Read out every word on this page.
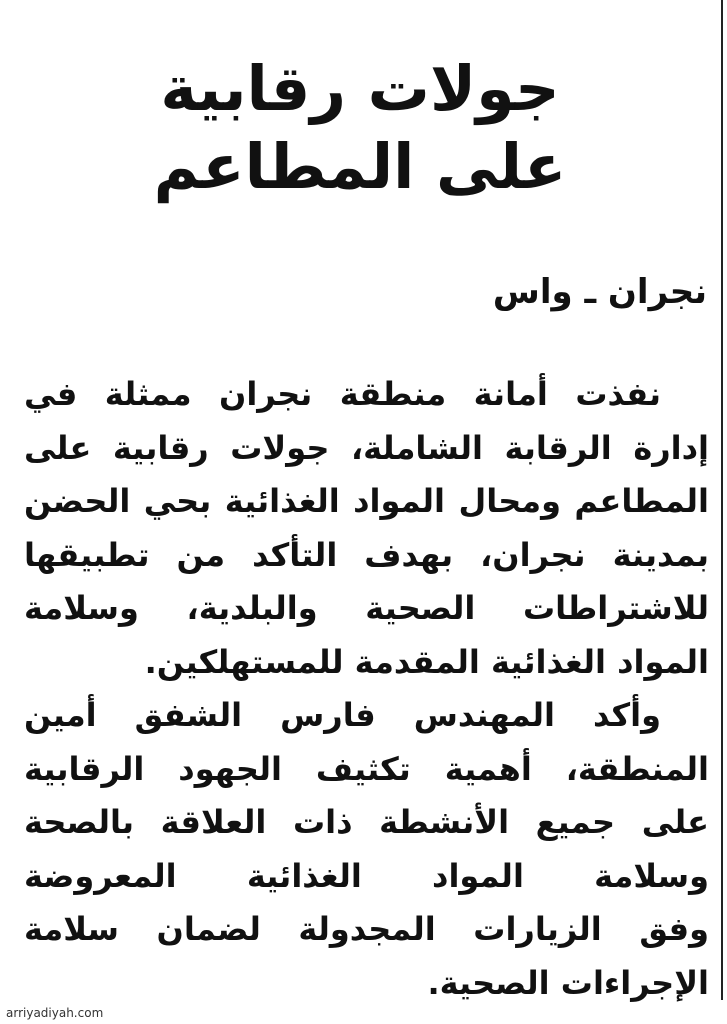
جولات رقابية
على المطاعم
نجران ـ واس
نفذت أمانة منطقة نجران ممثلة في
إدارة الرقابة الشاملة، جولات رقابية على
المطاعم ومحال المواد الغذائية بحي الحضن
بمدينة نجران، بهدف التأكد من تطبيقها
للاشتراطات الصحية والبلدية، وسلامة
المواد الغذائية المقدمة للمستهلكين.
وأكد المهندس فارس الشفق أمين
المنطقة، أهمية تكثيف الجهود الرقابية
على جميع الأنشطة ذات العلاقة بالصحة
وسلامة المواد الغذائية المعروضة
وفق الزيارات المجدولة لضمان سلامة
الإجراءات الصحية.
arriyadiyah.com
